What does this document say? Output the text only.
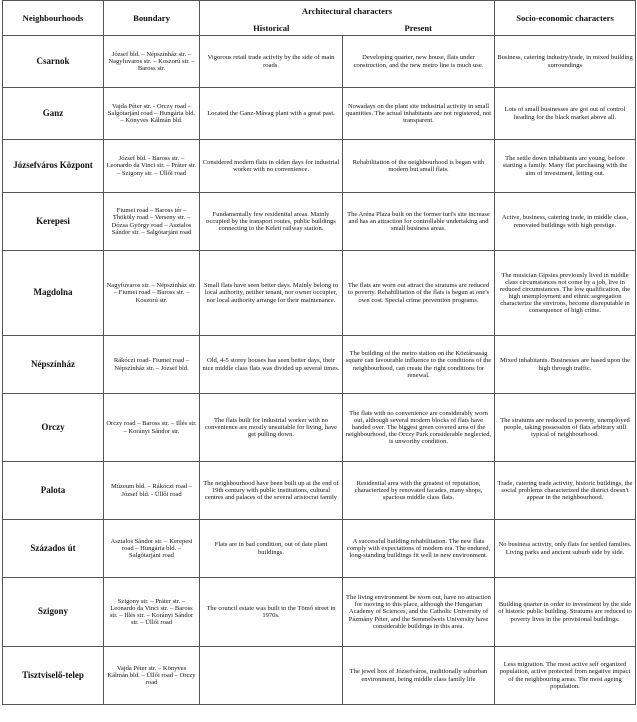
Neighbourhoods	Boundary	Architectural characters		Socio-economic characters
		Historical	Present	
Csarnok	József bld. – Népszínház str. – Nagyfuvaros str. – Koszorú str. – Baross str.	Vigorous retail trade activity by the side of main roads.	Developing quarter, new house, flats under construction, and the new metro line is much use.	Business, catering industry/trade, in mixed building surroundings
Ganz	Vajda Péter str. - Orczy road – Salgótarjáni road – Hungária bld. – Könyves Kálmán bld.	Located the Ganz-Mávag plant with a great past.	Nowadays on the plant site industrial activity in small quantities. The actual inhabitants are not registered, not transparent.	Lots of small businesses are got out of control heading for the black market above all.
Józsefváros Központ	József bld. - Baross str. – Leonardo da Vinci str. – Práter str. – Szigony str. – Üllői road	Considered modern flats in olden days for industrial worker with no convenience.	Rehabilitation of the neighbourhood is began with modern but small flats.	The settle down inhabitants are young, before starting a family. Many flat purchasing with the aim of investment, letting out.
Kerepesi	Fiumei road – Baross tér – Thököly road – Verseny str. – Dózsa György road – Asztalos Sándor str. – Salgótarjáni road	Fundamentally few residential areas. Mainly occupied by the transport routes, public buildings connecting to the Keleti railway station.	The Aréna Plaza built on the former turf's site increase and has an attraction for controllable undertaking and small business areas.	Active, business, catering trade, in middle class, renovated buildings with high prestige.
Magdolna	Nagyfuvaros str. – Népszínház str. – Fiumei road – Baross str. – Koszorú str.	Small flats have seen better days. Mainly belong to local authority, neither tenant, nor owner occupier, nor local authority arrange for their maintenance.	The flats are worn out attract the stratums are reduced to poverty. Rehabilitation of the flats is begun at one's own cost. Special crime prevention programs.	The musician Gipsies previously lived in middle class circumstances not come by a job, live in reduced circumstances. The low qualification, the high unemployment and ethnic segregation characterize the environs, become disreputable in consequence of high crime.
Népszínház	Rákóczi road- Fiumei road – Népszínház str. – József bld.	Old, 4-5 storey houses has seen better days, their nice middle class flats was divided up several times.	The building of the metro station on the Köztársaság square can favourable influence to the conditions of the neighbourhood, can create the right conditions for renewal.	Mixed inhabitants. Businesses are based upon the high through traffic.
Orczy	Orczy road – Baross str. – Illés str. – Korányi Sándor str.	The flats built for industrial worker with no convenience are mostly unsuitable for living, have get pulling down.	The flats with no convenience are considerably worn out, although several modern blocks of flats have handed over. The biggest green covered area of the neighbourhood, the Orczy Park considerable neglected, is unworthy condition.	The stratums are reduced to poverty, unemployed people, taking possession of flats arbitrary still typical of neighbourhood.
Palota	Múzeum bld. – Rákóczi road – József bld. - Üllői road	The neighbourhood have been built up at the end of 19th century with public institutions, cultural centres and palaces of the several aristocrat family	Residential area with the greatest of reputation, characterized by renovated facades, many shops, spacious middle class flats.	Trade, catering trade activity, historic buildings, the social problems characterized the district doesn't appear in the neighbourhood.
Százados út	Asztalos Sándor str. – Kerepesi road – Hungária bld. – Salgótarjáni road	Flats are in bad condition, out of date plant buildings.	A successful building rehabilitation. The new flats comply with expectations of modern era. The endured, long-standing buildings fit well in new environment.	No business activity, only flats for settled families. Living parks and ancient suburb side by side.
Szigony	Szigony str. – Práter str. – Leonardo da Vinci str. – Baross str. – Illés str. – Korányi Sándor str. – Üllői road	The council estate was built in the Tömő street in 1970s.	The living environment be worn out, have no attraction for moving to this place, although the Hungarian Academy of Sciences, and the Catholic University of Pázmány Péter, and the Semmelweis University have considerable buildings in this area.	Building quarter in order to investment by the side of historic public building. Stratums are reduced to poverty lives in the provisional buildings.
Tisztviselő-telep	Vajda Péter str. – Könyves Kálmán bld. – Üllői road – Orczy road		The jewel box of Józsefváros, traditionally suburban environment, being middle class family life	Less migration. The most active self organized population, active protected from negative impact of the neighbouring areas. The most ageing population.
